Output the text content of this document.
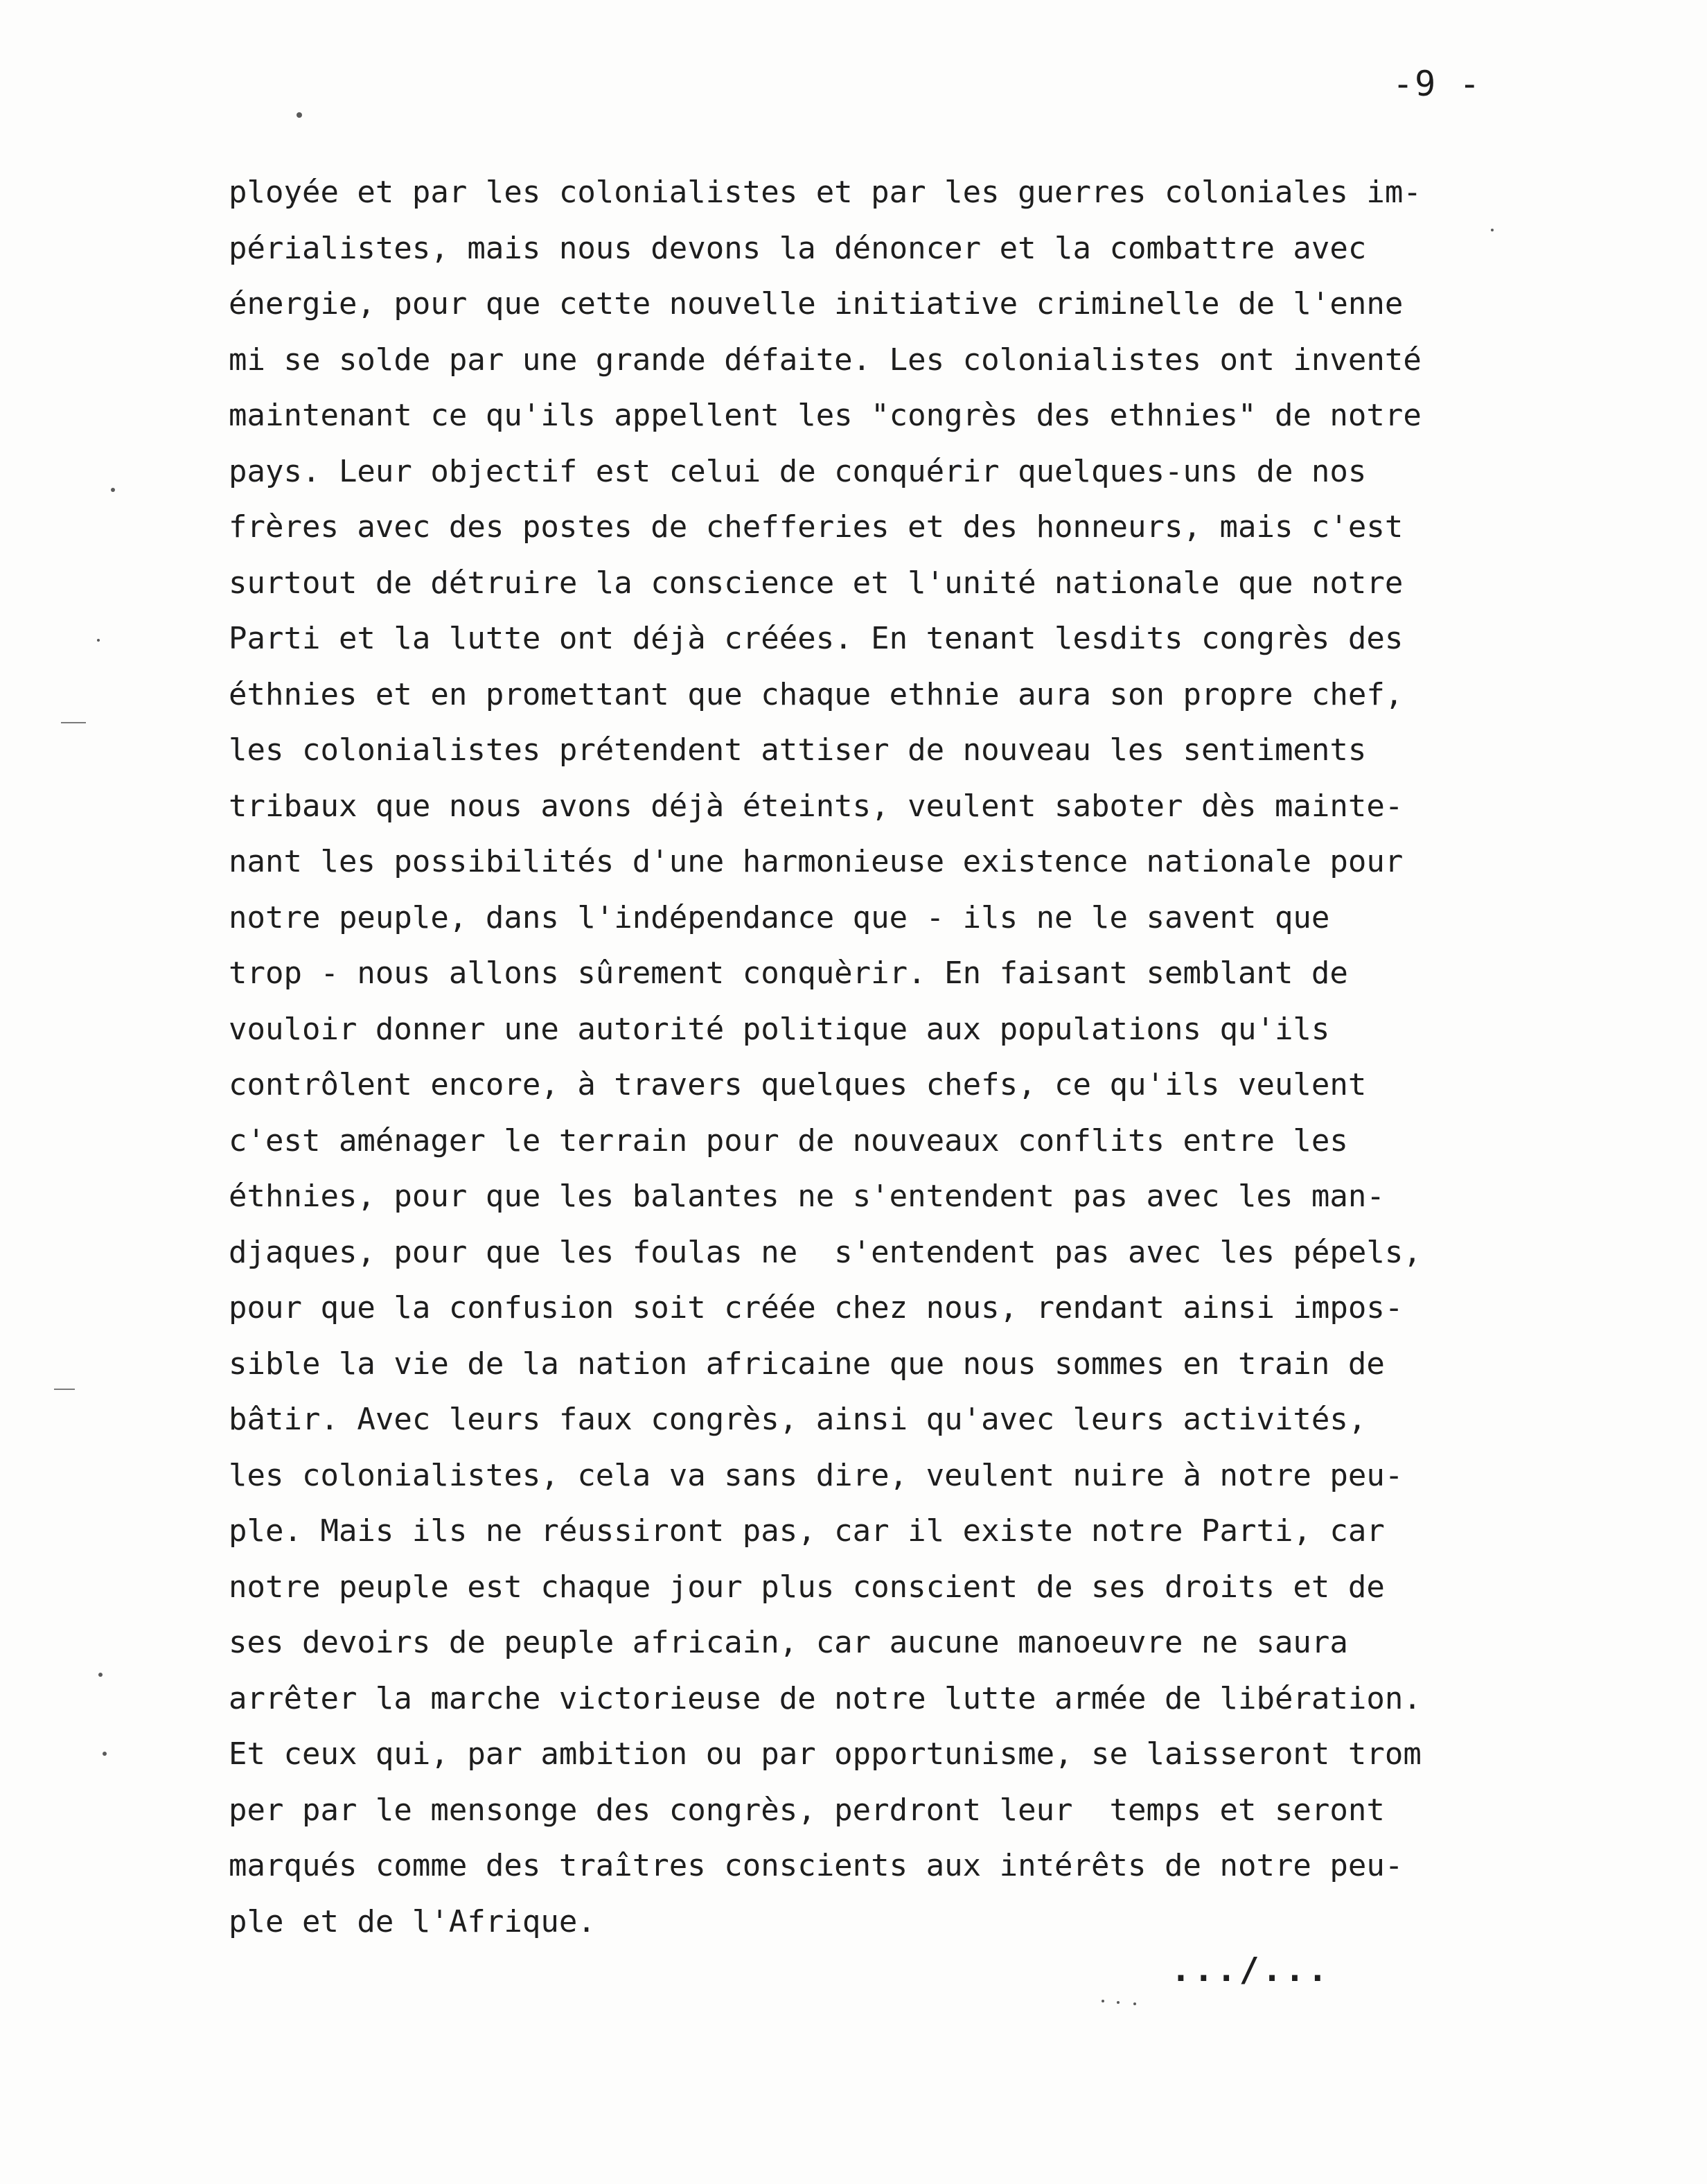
-9 -
ployée et par les colonialistes et par les guerres coloniales im-
périalistes, mais nous devons la dénoncer et la combattre avec
énergie, pour que cette nouvelle initiative criminelle de l'enne
mi se solde par une grande défaite. Les colonialistes ont inventé
maintenant ce qu'ils appellent les "congrès des ethnies" de notre
pays. Leur objectif est celui de conquérir quelques-uns de nos
frères avec des postes de chefferies et des honneurs, mais c'est
surtout de détruire la conscience et l'unité nationale que notre
Parti et la lutte ont déjà créées. En tenant lesdits congrès des
éthnies et en promettant que chaque ethnie aura son propre chef,
les colonialistes prétendent attiser de nouveau les sentiments
tribaux que nous avons déjà éteints, veulent saboter dès mainte-
nant les possibilités d'une harmonieuse existence nationale pour
notre peuple, dans l'indépendance que - ils ne le savent que
trop - nous allons sûrement conquèrir. En faisant semblant de
vouloir donner une autorité politique aux populations qu'ils
contrôlent encore, à travers quelques chefs, ce qu'ils veulent
c'est aménager le terrain pour de nouveaux conflits entre les
éthnies, pour que les balantes ne s'entendent pas avec les man-
djaques, pour que les foulas ne  s'entendent pas avec les pépels,
pour que la confusion soit créée chez nous, rendant ainsi impos-
sible la vie de la nation africaine que nous sommes en train de
bâtir. Avec leurs faux congrès, ainsi qu'avec leurs activités,
les colonialistes, cela va sans dire, veulent nuire à notre peu-
ple. Mais ils ne réussiront pas, car il existe notre Parti, car
notre peuple est chaque jour plus conscient de ses droits et de
ses devoirs de peuple africain, car aucune manoeuvre ne saura
arrêter la marche victorieuse de notre lutte armée de libération.
Et ceux qui, par ambition ou par opportunisme, se laisseront trom
per par le mensonge des congrès, perdront leur  temps et seront
marqués comme des traîtres conscients aux intérêts de notre peu-
ple et de l'Afrique.
.../...
